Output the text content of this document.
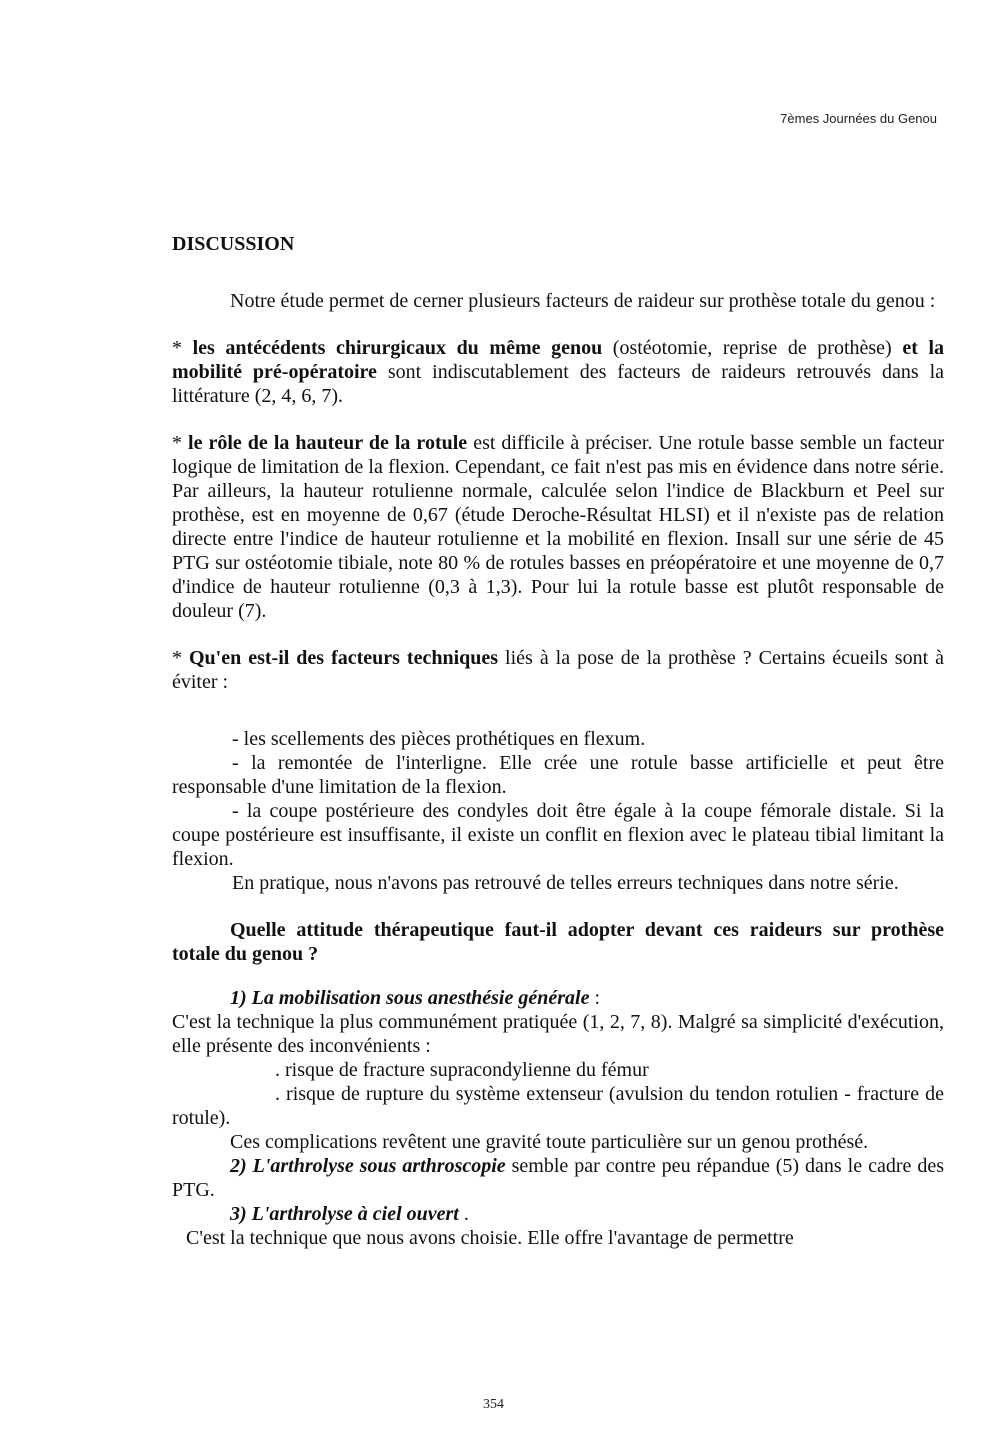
7èmes Journées du Genou

DISCUSSION

Notre étude permet de cerner plusieurs facteurs de raideur sur prothèse totale du genou :

* les antécédents chirurgicaux du même genou (ostéotomie, reprise de prothèse) et la mobilité pré-opératoire sont indiscutablement des facteurs de raideurs retrouvés dans la littérature (2, 4, 6, 7).

* le rôle de la hauteur de la rotule est difficile à préciser. Une rotule basse semble un facteur logique de limitation de la flexion. Cependant, ce fait n'est pas mis en évidence dans notre série. Par ailleurs, la hauteur rotulienne normale, calculée selon l'indice de Blackburn et Peel sur prothèse, est en moyenne de 0,67 (étude Deroche-Résultat HLSI) et il n'existe pas de relation directe entre l'indice de hauteur rotulienne et la mobilité en flexion. Insall sur une série de 45 PTG sur ostéotomie tibiale, note 80 % de rotules basses en préopératoire et une moyenne de 0,7 d'indice de hauteur rotulienne (0,3 à 1,3). Pour lui la rotule basse est plutôt responsable de douleur (7).

* Qu'en est-il des facteurs techniques liés à la pose de la prothèse ? Certains écueils sont à éviter :

- les scellements des pièces prothétiques en flexum.

- la remontée de l'interligne. Elle crée une rotule basse artificielle et peut être responsable d'une limitation de la flexion.

- la coupe postérieure des condyles doit être égale à la coupe fémorale distale. Si la coupe postérieure est insuffisante, il existe un conflit en flexion avec le plateau tibial limitant la flexion.

En pratique, nous n'avons pas retrouvé de telles erreurs techniques dans notre série.

Quelle attitude thérapeutique faut-il adopter devant ces raideurs sur prothèse totale du genou ?

1) La mobilisation sous anesthésie générale :

C'est la technique la plus communément pratiquée (1, 2, 7, 8). Malgré sa simplicité d'exécution, elle présente des inconvénients :

. risque de fracture supracondylienne du fémur

. risque de rupture du système extenseur (avulsion du tendon rotulien - fracture de rotule).

Ces complications revêtent une gravité toute particulière sur un genou prothésé.

2) L'arthrolyse sous arthroscopie semble par contre peu répandue (5) dans le cadre des PTG.

3) L'arthrolyse à ciel ouvert .

C'est la technique que nous avons choisie. Elle offre l'avantage de permettre

354
